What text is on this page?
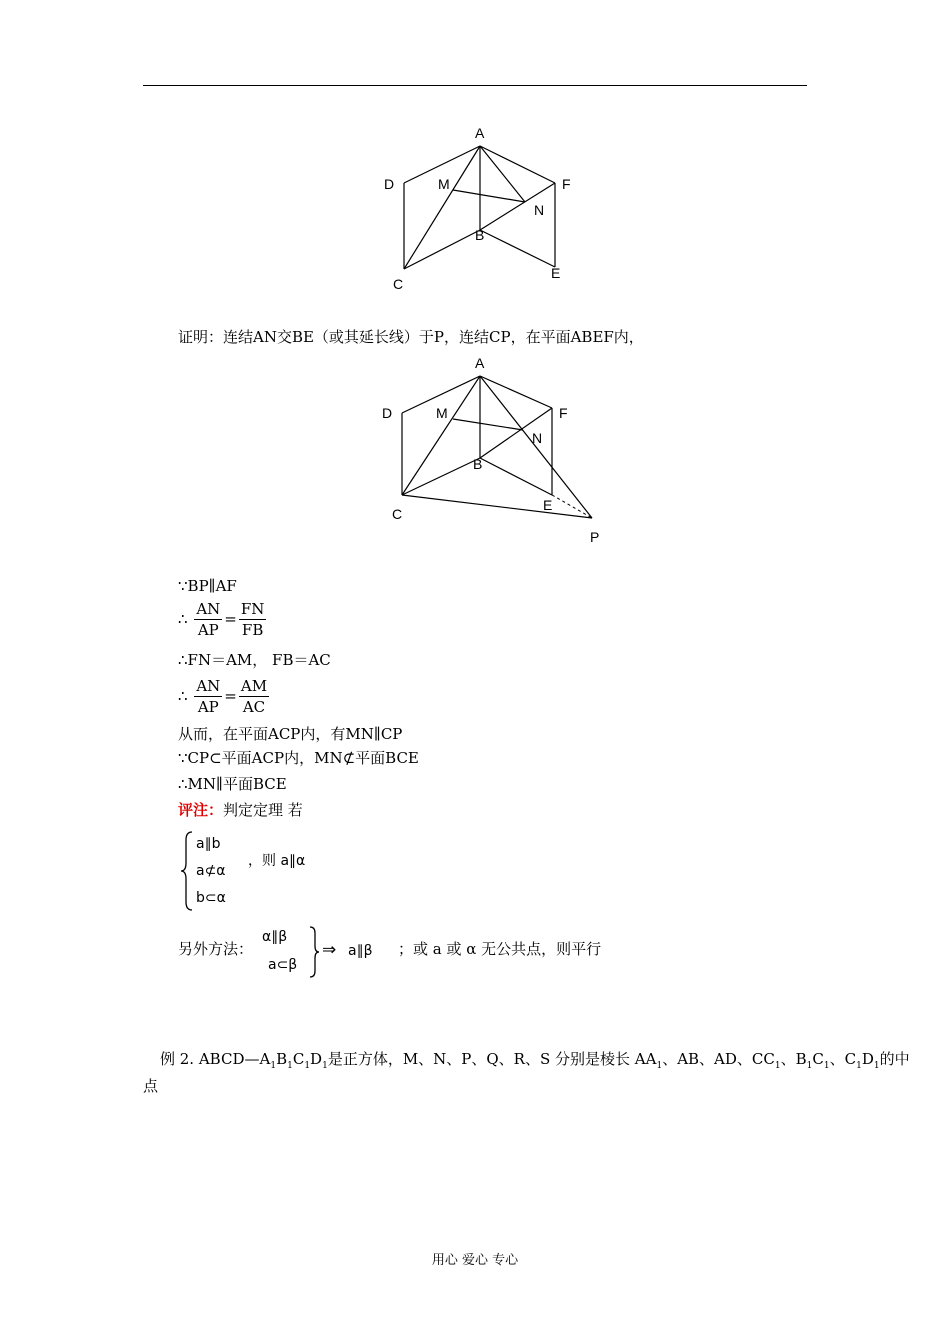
A
D	M	F
N
B
C
E
证明：连结AN交BE（或其延长线）于P，连结CP，在平面ABEF内，
A
D	M	F
N
B
C
E
P
∵BP∥AF
∴ $\frac{AN}{AP} = \frac{FN}{FB}$
∴FN＝AM， FB＝AC
∴ $\frac{AN}{AP} = \frac{AM}{AC}$
从而，在平面ACP内，有MN∥CP
∵CP⊂平面ACP内，MN⊄平面BCE
∴MN∥平面BCE
评注：判定定理 若
a∥b
a⊄α
b⊂α
，则 a∥α
另外方法：
α∥β
a⊂β
⇒ a∥β ；或 a 或 α 无公共点，则平行
例 2. $ABCD—A_1B_1C_1D_1$是正方体，M、N、P、Q、R、S 分别是棱长 $AA_1$、AB、AD、$CC_1$、$B_1C_1$、$C_1D_1$的中
点
用心 爱心 专心
